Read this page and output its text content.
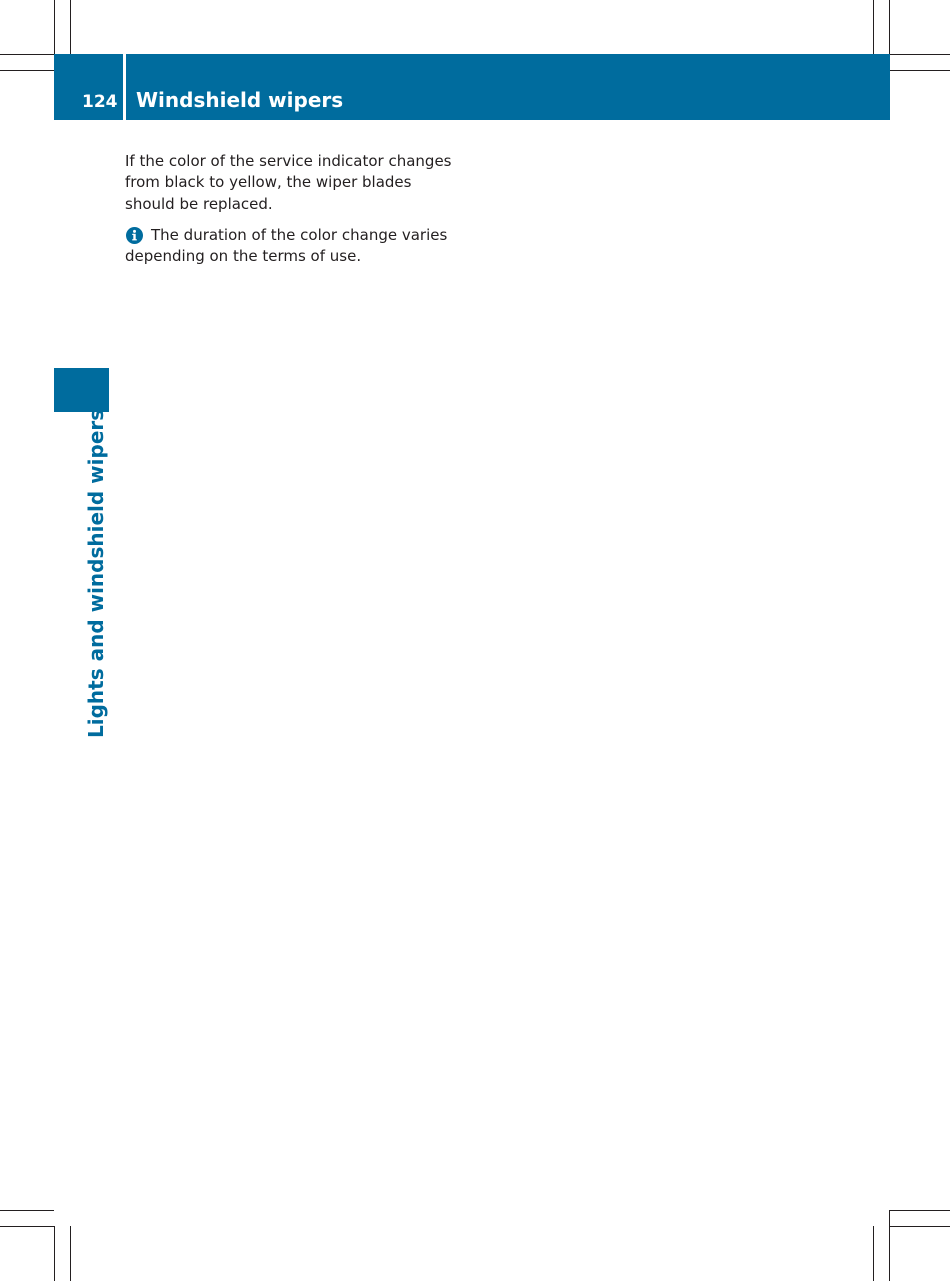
124 Windshield wipers

If the color of the service indicator changes from black to yellow, the wiper blades should be replaced.

The duration of the color change varies depending on the terms of use.
Lights and windshield wipers
